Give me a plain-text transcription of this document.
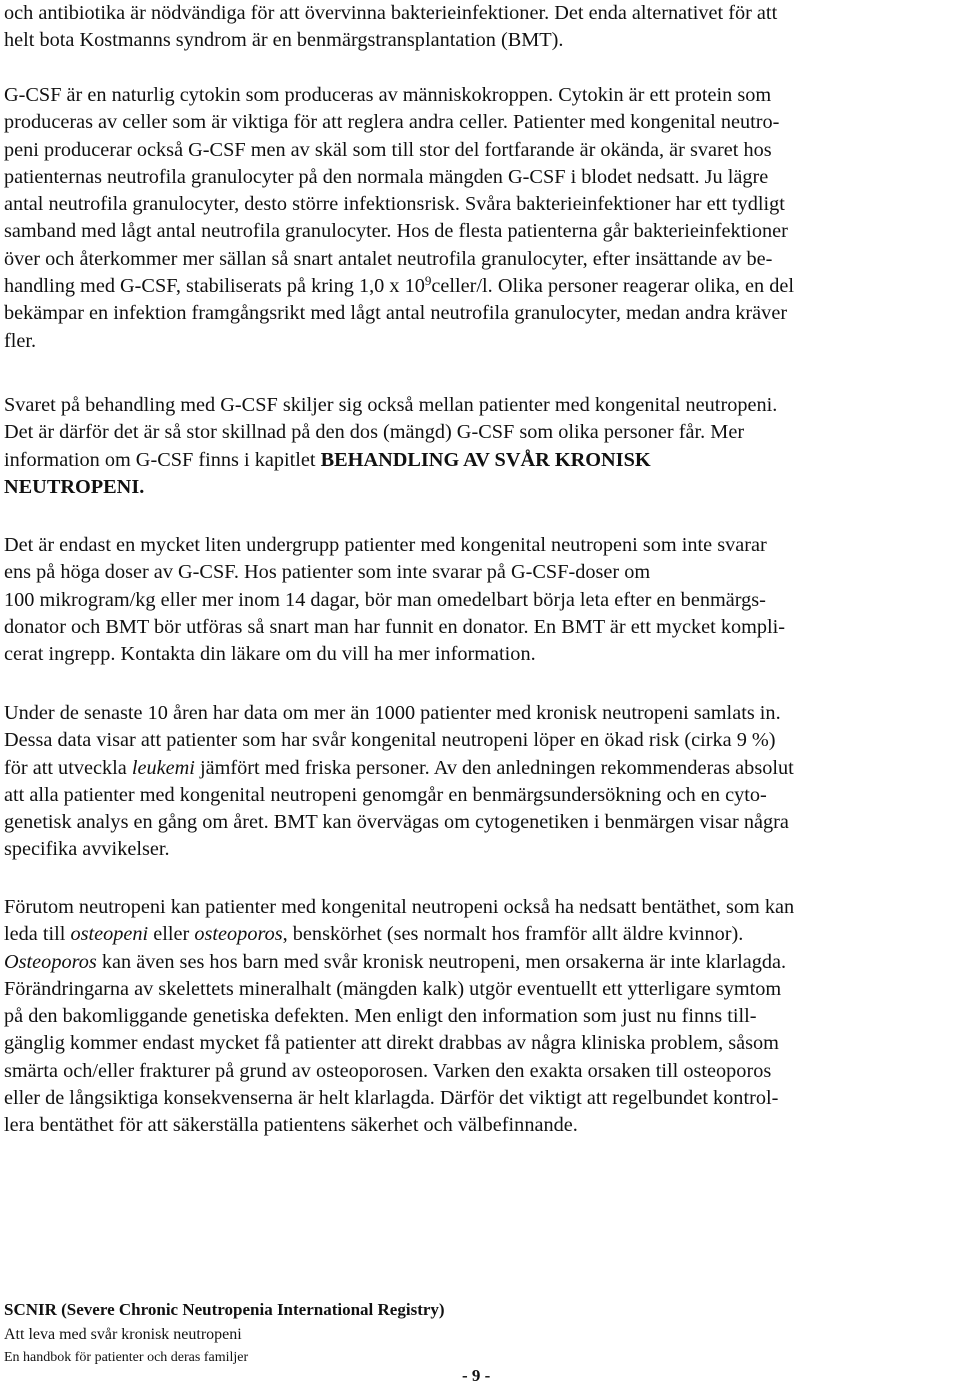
och antibiotika är nödvändiga för att övervinna bakterieinfektioner. Det enda alternativet för att
helt bota Kostmanns syndrom är en benmärgstransplantation (BMT).

G-CSF är en naturlig cytokin som produceras av människokroppen. Cytokin är ett protein som
produceras av celler som är viktiga för att reglera andra celler. Patienter med kongenital neutro-
peni producerar också G-CSF men av skäl som till stor del fortfarande är okända, är svaret hos
patienternas neutrofila granulocyter på den normala mängden G-CSF i blodet nedsatt. Ju lägre
antal neutrofila granulocyter, desto större infektionsrisk. Svåra bakterieinfektioner har ett tydligt
samband med lågt antal neutrofila granulocyter. Hos de flesta patienterna går bakterieinfektioner
över och återkommer mer sällan så snart antalet neutrofila granulocyter, efter insättande av be-
handling med G-CSF, stabiliserats på kring 1,0 x $10^9celler/l$. Olika personer reagerar olika, en del
bekämpar en infektion framgångsrikt med lågt antal neutrofila granulocyter, medan andra kräver
fler.

Svaret på behandling med G-CSF skiljer sig också mellan patienter med kongenital neutropeni.
Det är därför det är så stor skillnad på den dos (mängd) G-CSF som olika personer får. Mer
information om G-CSF finns i kapitlet BEHANDLING AV SVÅR KRONISK
NEUTROPENI.

Det är endast en mycket liten undergrupp patienter med kongenital neutropeni som inte svarar
ens på höga doser av G-CSF. Hos patienter som inte svarar på G-CSF-doser om
100 mikrogram/kg eller mer inom 14 dagar, bör man omedelbart börja leta efter en benmärgs-
donator och BMT bör utföras så snart man har funnit en donator. En BMT är ett mycket kompli-
cerat ingrepp. Kontakta din läkare om du vill ha mer information.

Under de senaste 10 åren har data om mer än 1000 patienter med kronisk neutropeni samlats in.
Dessa data visar att patienter som har svår kongenital neutropeni löper en ökad risk (cirka 9 %)
för att utveckla leukemi jämfört med friska personer. Av den anledningen rekommenderas absolut
att alla patienter med kongenital neutropeni genomgår en benmärgsundersökning och en cyto-
genetisk analys en gång om året. BMT kan övervägas om cytogenetiken i benmärgen visar några
specifika avvikelser.

Förutom neutropeni kan patienter med kongenital neutropeni också ha nedsatt bentäthet, som kan
leda till osteopeni eller osteoporos, benskörhet (ses normalt hos framför allt äldre kvinnor).
Osteoporos kan även ses hos barn med svår kronisk neutropeni, men orsakerna är inte klarlagda.
Förändringarna av skelettets mineralhalt (mängden kalk) utgör eventuellt ett ytterligare symtom
på den bakomliggande genetiska defekten. Men enligt den information som just nu finns till-
gänglig kommer endast mycket få patienter att direkt drabbas av några kliniska problem, såsom
smärta och/eller frakturer på grund av osteoporosen. Varken den exakta orsaken till osteoporos
eller de långsiktiga konsekvenserna är helt klarlagda. Därför det viktigt att regelbundet kontrol-
lera bentäthet för att säkerställa patientens säkerhet och välbefinnande.

SCNIR (Severe Chronic Neutropenia International Registry)
Att leva med svår kronisk neutropeni
En handbok för patienter och deras familjer
- 9 -
